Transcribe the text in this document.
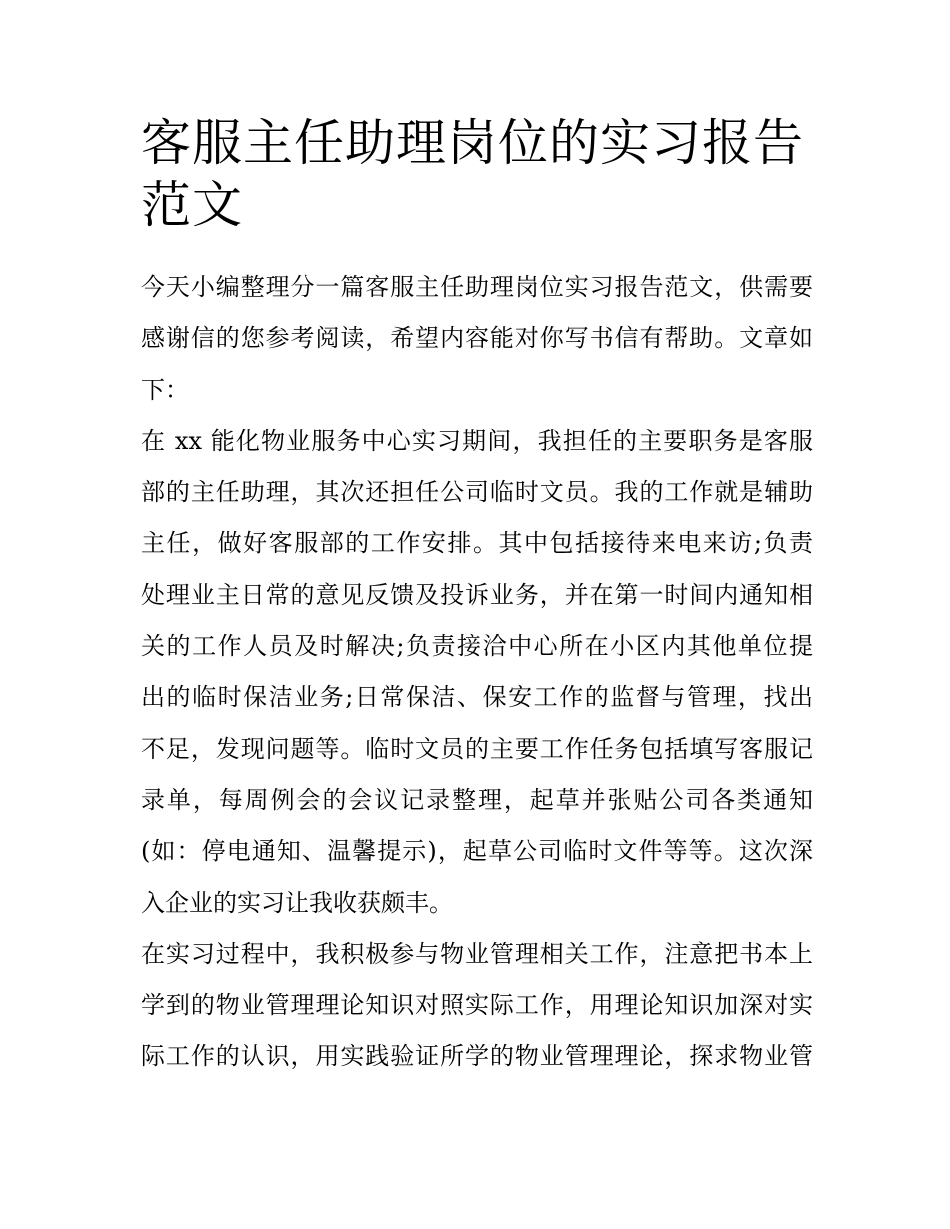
客服主任助理岗位的实习报告
范文

今天小编整理分一篇客服主任助理岗位实习报告范文，供需要
感谢信的您参考阅读，希望内容能对你写书信有帮助。文章如
下：

在 xx 能化物业服务中心实习期间，我担任的主要职务是客服
部的主任助理，其次还担任公司临时文员。我的工作就是辅助
主任，做好客服部的工作安排。其中包括接待来电来访;负责
处理业主日常的意见反馈及投诉业务，并在第一时间内通知相
关的工作人员及时解决;负责接洽中心所在小区内其他单位提
出的临时保洁业务;日常保洁、保安工作的监督与管理，找出
不足，发现问题等。临时文员的主要工作任务包括填写客服记
录单，每周例会的会议记录整理，起草并张贴公司各类通知
(如：停电通知、温馨提示)，起草公司临时文件等等。这次深
入企业的实习让我收获颇丰。

在实习过程中，我积极参与物业管理相关工作，注意把书本上
学到的物业管理理论知识对照实际工作，用理论知识加深对实
际工作的认识，用实践验证所学的物业管理理论，探求物业管
